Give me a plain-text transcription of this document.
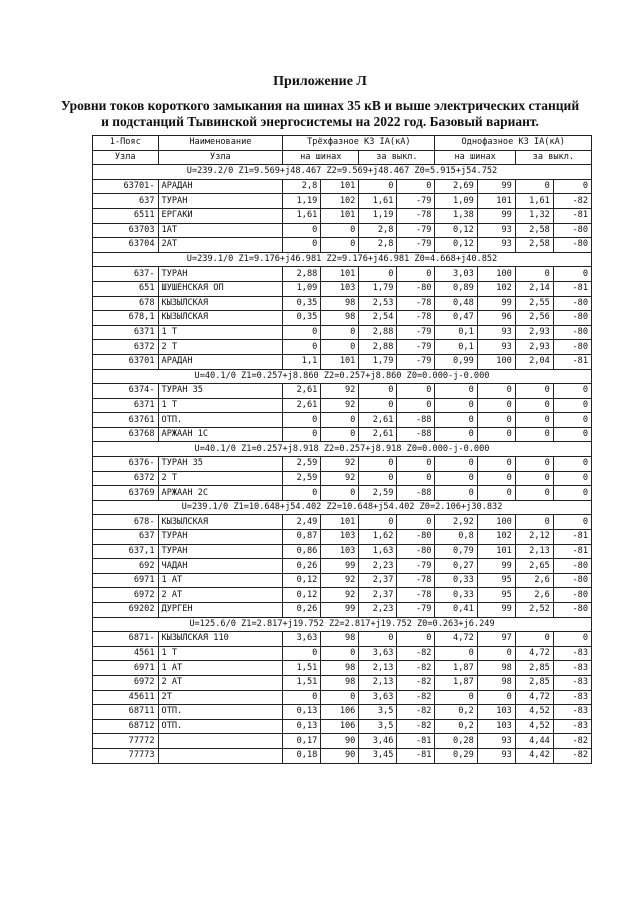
Приложение Л
Уровни токов короткого замыкания на шинах 35 кВ и выше электрических станций
и подстанций Тывинской энергосистемы на 2022 год. Базовый вариант.
1-Пояс	Наименование	Трёхфазное КЗ IА(кА)				Однофазное КЗ IА(кА)			
Узла	Узла	на шинах		за выкл.		на шинах		за выкл.	
U=239.2/0 Z1=9.569+j48.467 Z2=9.569+j48.467 Z0=5.915+j54.752									
63701-	АРАДАН	2,8	101	0	0	2,69	99	0	0
637	ТУРАН	1,19	102	1,61	-79	1,09	101	1,61	-82
6511	ЕРГАКИ	1,61	101	1,19	-78	1,38	99	1,32	-81
63703	1АТ	0	0	2,8	-79	0,12	93	2,58	-80
63704	2АТ	0	0	2,8	-79	0,12	93	2,58	-80
U=239.1/0 Z1=9.176+j46.981 Z2=9.176+j46.981 Z0=4.668+j40.852									
637-	ТУРАН	2,88	101	0	0	3,03	100	0	0
651	ШУШЕНСКАЯ ОП	1,09	103	1,79	-80	0,89	102	2,14	-81
678	КЫЗЫЛСКАЯ	0,35	98	2,53	-78	0,48	99	2,55	-80
678,1	КЫЗЫЛСКАЯ	0,35	98	2,54	-78	0,47	96	2,56	-80
6371	1 Т	0	0	2,88	-79	0,1	93	2,93	-80
6372	2 Т	0	0	2,88	-79	0,1	93	2,93	-80
63701	АРАДАН	1,1	101	1,79	-79	0,99	100	2,04	-81
U=40.1/0 Z1=0.257+j8.860 Z2=0.257+j8.860 Z0=0.000-j-0.000									
6374-	ТУРАН 35	2,61	92	0	0	0	0	0	0
6371	1 Т	2,61	92	0	0	0	0	0	0
63761	ОТП.	0	0	2,61	-88	0	0	0	0
63768	АРЖААН 1С	0	0	2,61	-88	0	0	0	0
U=40.1/0 Z1=0.257+j8.918 Z2=0.257+j8.918 Z0=0.000-j-0.000									
6376-	ТУРАН 35	2,59	92	0	0	0	0	0	0
6372	2 Т	2,59	92	0	0	0	0	0	0
63769	АРЖААН 2С	0	0	2,59	-88	0	0	0	0
U=239.1/0 Z1=10.648+j54.402 Z2=10.648+j54.402 Z0=2.106+j30.832									
678-	КЫЗЫЛСКАЯ	2,49	101	0	0	2,92	100	0	0
637	ТУРАН	0,87	103	1,62	-80	0,8	102	2,12	-81
637,1	ТУРАН	0,86	103	1,63	-80	0,79	101	2,13	-81
692	ЧАДАН	0,26	99	2,23	-79	0,27	99	2,65	-80
6971	1 АТ	0,12	92	2,37	-78	0,33	95	2,6	-80
6972	2 АТ	0,12	92	2,37	-78	0,33	95	2,6	-80
69202	ДУРГЕН	0,26	99	2,23	-79	0,41	99	2,52	-80
U=125.6/0 Z1=2.817+j19.752 Z2=2.817+j19.752 Z0=0.263+j6.249									
6871-	КЫЗЫЛСКАЯ 110	3,63	98	0	0	4,72	97	0	0
4561	1 Т	0	0	3,63	-82	0	0	4,72	-83
6971	1 АТ	1,51	98	2,13	-82	1,87	98	2,85	-83
6972	2 АТ	1,51	98	2,13	-82	1,87	98	2,85	-83
45611	2Т	0	0	3,63	-82	0	0	4,72	-83
68711	ОТП.	0,13	106	3,5	-82	0,2	103	4,52	-83
68712	ОТП.	0,13	106	3,5	-82	0,2	103	4,52	-83
77772		0,17	90	3,46	-81	0,28	93	4,44	-82
77773		0,18	90	3,45	-81	0,29	93	4,42	-82
